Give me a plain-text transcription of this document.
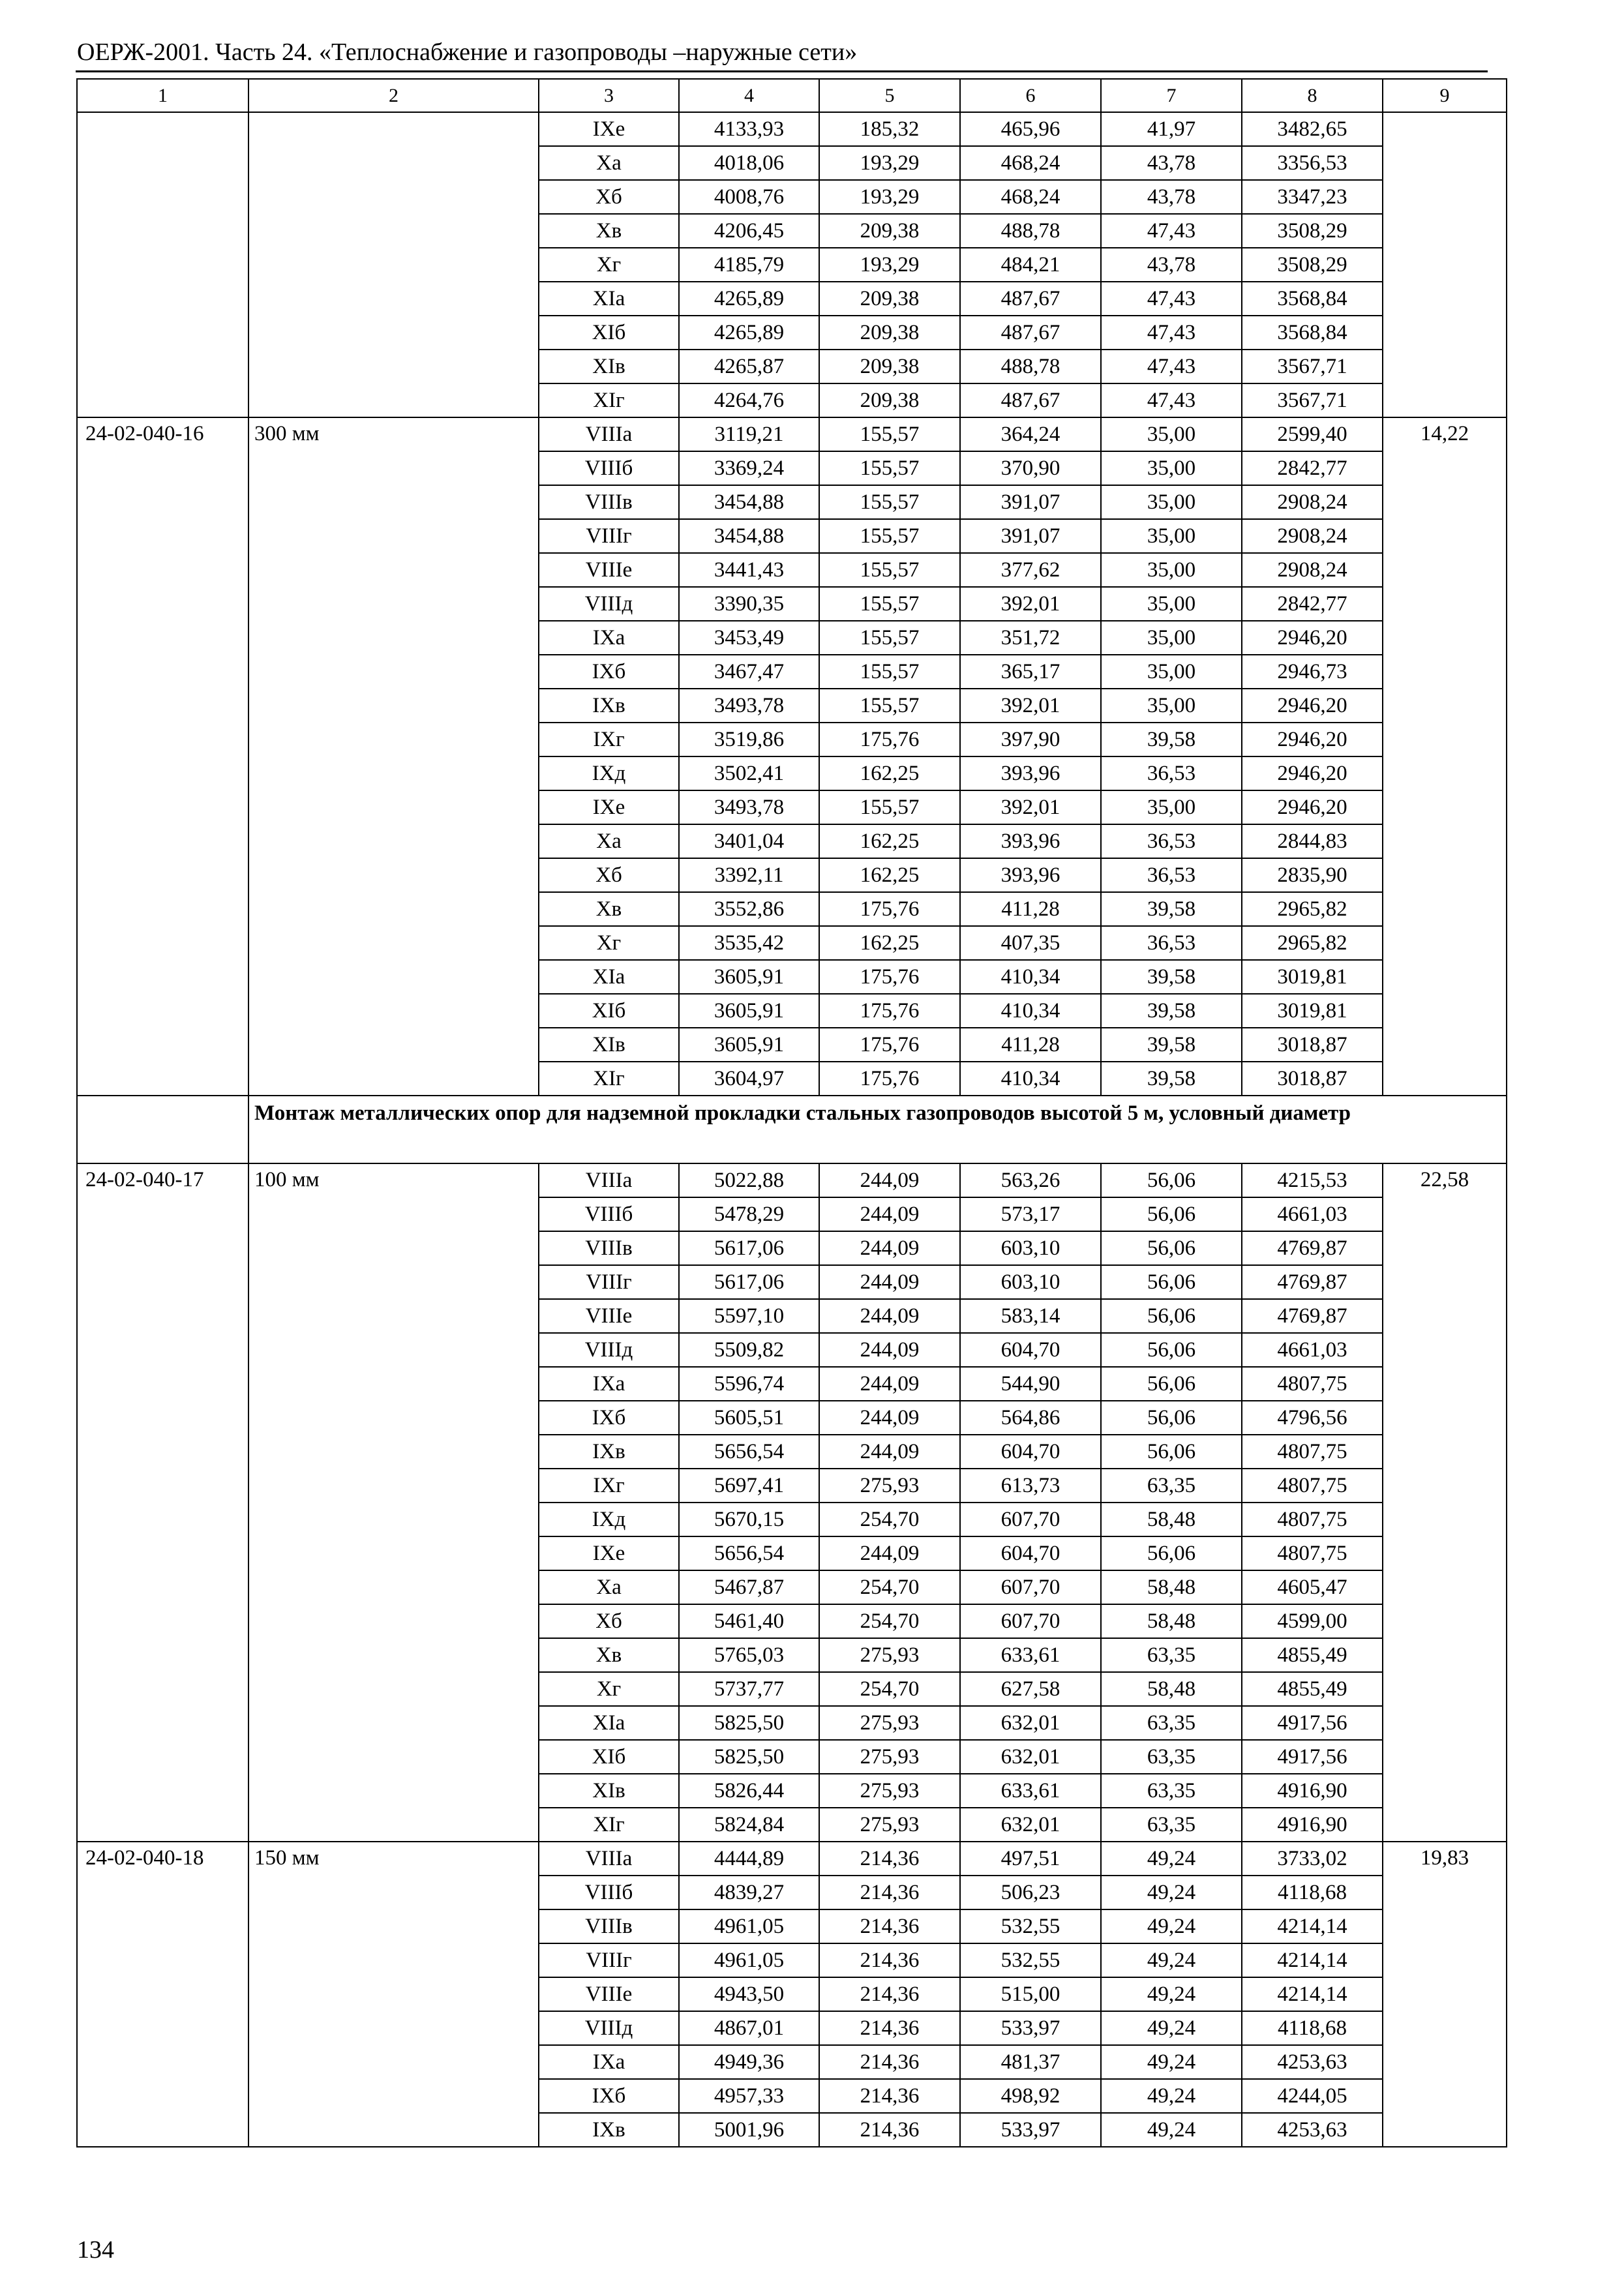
ОЕРЖ-2001. Часть 24. «Теплоснабжение и газопроводы –наружные сети»
1	2	3	4	5	6	7	8	9
		IXе	4133,93	185,32	465,96	41,97	3482,65	
		Xа	4018,06	193,29	468,24	43,78	3356,53	
		Xб	4008,76	193,29	468,24	43,78	3347,23	
		Xв	4206,45	209,38	488,78	47,43	3508,29	
		Xг	4185,79	193,29	484,21	43,78	3508,29	
		XIа	4265,89	209,38	487,67	47,43	3568,84	
		XIб	4265,89	209,38	487,67	47,43	3568,84	
		XIв	4265,87	209,38	488,78	47,43	3567,71	
		XIг	4264,76	209,38	487,67	47,43	3567,71	
24-02-040-16	300 мм	VIIIа	3119,21	155,57	364,24	35,00	2599,40	14,22
		VIIIб	3369,24	155,57	370,90	35,00	2842,77	
		VIIIв	3454,88	155,57	391,07	35,00	2908,24	
		VIIIг	3454,88	155,57	391,07	35,00	2908,24	
		VIIIе	3441,43	155,57	377,62	35,00	2908,24	
		VIIIд	3390,35	155,57	392,01	35,00	2842,77	
		IXа	3453,49	155,57	351,72	35,00	2946,20	
		IXб	3467,47	155,57	365,17	35,00	2946,73	
		IXв	3493,78	155,57	392,01	35,00	2946,20	
		IXг	3519,86	175,76	397,90	39,58	2946,20	
		IXд	3502,41	162,25	393,96	36,53	2946,20	
		IXе	3493,78	155,57	392,01	35,00	2946,20	
		Xа	3401,04	162,25	393,96	36,53	2844,83	
		Xб	3392,11	162,25	393,96	36,53	2835,90	
		Xв	3552,86	175,76	411,28	39,58	2965,82	
		Xг	3535,42	162,25	407,35	36,53	2965,82	
		XIа	3605,91	175,76	410,34	39,58	3019,81	
		XIб	3605,91	175,76	410,34	39,58	3019,81	
		XIв	3605,91	175,76	411,28	39,58	3018,87	
		XIг	3604,97	175,76	410,34	39,58	3018,87	
	Монтаж металлических опор для надземной прокладки стальных газопроводов высотой 5 м, условный диаметр							
24-02-040-17	100 мм	VIIIа	5022,88	244,09	563,26	56,06	4215,53	22,58
		VIIIб	5478,29	244,09	573,17	56,06	4661,03	
		VIIIв	5617,06	244,09	603,10	56,06	4769,87	
		VIIIг	5617,06	244,09	603,10	56,06	4769,87	
		VIIIе	5597,10	244,09	583,14	56,06	4769,87	
		VIIIд	5509,82	244,09	604,70	56,06	4661,03	
		IXа	5596,74	244,09	544,90	56,06	4807,75	
		IXб	5605,51	244,09	564,86	56,06	4796,56	
		IXв	5656,54	244,09	604,70	56,06	4807,75	
		IXг	5697,41	275,93	613,73	63,35	4807,75	
		IXд	5670,15	254,70	607,70	58,48	4807,75	
		IXе	5656,54	244,09	604,70	56,06	4807,75	
		Xа	5467,87	254,70	607,70	58,48	4605,47	
		Xб	5461,40	254,70	607,70	58,48	4599,00	
		Xв	5765,03	275,93	633,61	63,35	4855,49	
		Xг	5737,77	254,70	627,58	58,48	4855,49	
		XIа	5825,50	275,93	632,01	63,35	4917,56	
		XIб	5825,50	275,93	632,01	63,35	4917,56	
		XIв	5826,44	275,93	633,61	63,35	4916,90	
		XIг	5824,84	275,93	632,01	63,35	4916,90	
24-02-040-18	150 мм	VIIIа	4444,89	214,36	497,51	49,24	3733,02	19,83
		VIIIб	4839,27	214,36	506,23	49,24	4118,68	
		VIIIв	4961,05	214,36	532,55	49,24	4214,14	
		VIIIг	4961,05	214,36	532,55	49,24	4214,14	
		VIIIе	4943,50	214,36	515,00	49,24	4214,14	
		VIIIд	4867,01	214,36	533,97	49,24	4118,68	
		IXа	4949,36	214,36	481,37	49,24	4253,63	
		IXб	4957,33	214,36	498,92	49,24	4244,05	
		IXв	5001,96	214,36	533,97	49,24	4253,63	
134
